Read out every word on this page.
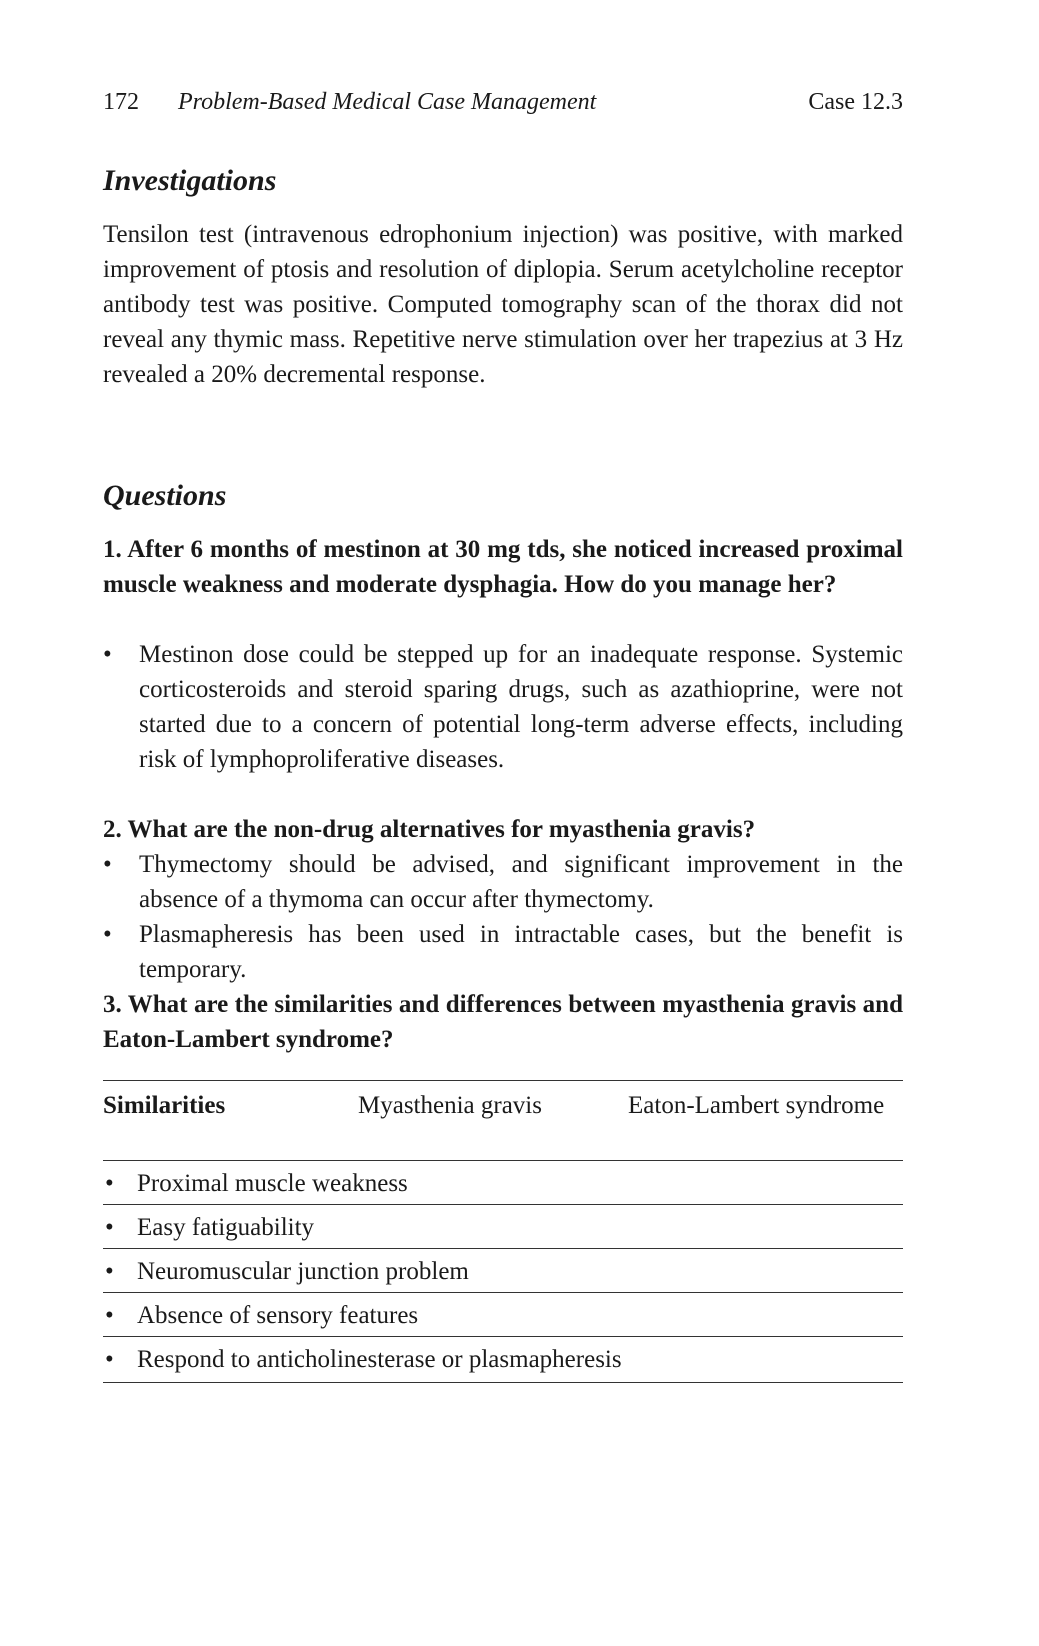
172 Problem-Based Medical Case Management	Case 12.3
Investigations
Tensilon test (intravenous edrophonium injection) was positive, with marked improvement of ptosis and resolution of diplopia. Serum acetylcholine receptor antibody test was positive. Computed tomography scan of the thorax did not reveal any thymic mass. Repetitive nerve stimulation over her trapezius at 3 Hz revealed a 20% decremental response.
Questions
1. After 6 months of mestinon at 30 mg tds, she noticed increased proximal muscle weakness and moderate dysphagia. How do you manage her?
•	Mestinon dose could be stepped up for an inadequate response. Systemic corticosteroids and steroid sparing drugs, such as azathioprine, were not started due to a concern of potential long-term adverse effects, including risk of lymphoproliferative diseases.
2. What are the non-drug alternatives for myasthenia gravis?
•	Thymectomy should be advised, and significant improvement in the absence of a thymoma can occur after thymectomy.
•	Plasmapheresis has been used in intractable cases, but the benefit is temporary.
3. What are the similarities and differences between myasthenia gravis and Eaton-Lambert syndrome?
Similarities	Myasthenia gravis	Eaton-Lambert syndrome
• Proximal muscle weakness
• Easy fatiguability
• Neuromuscular junction problem
• Absence of sensory features
• Respond to anticholinesterase or plasmapheresis
